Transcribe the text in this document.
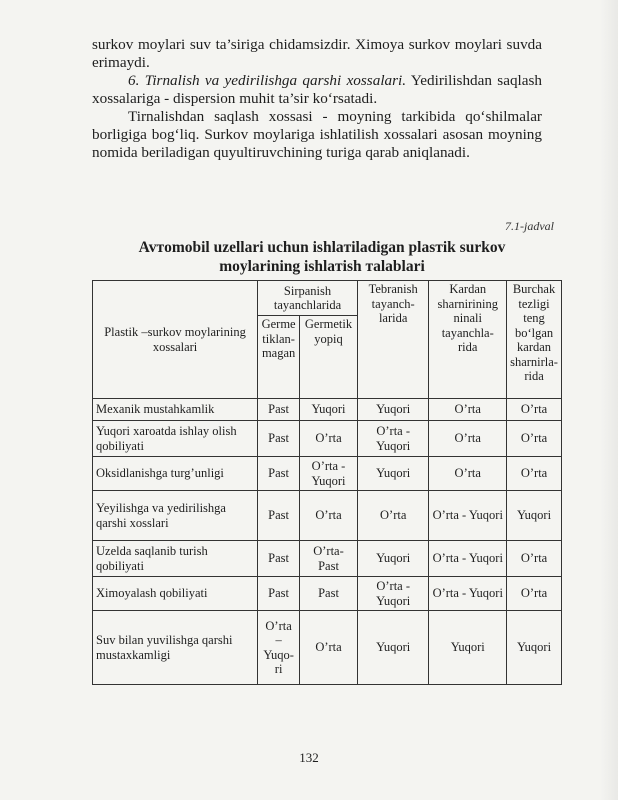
surkov moylari suv ta’siriga chidamsizdir. Ximoya surkov moylari suvda erimaydi.

6. Tirnalish va yedirilishga qarshi xossalari. Yedirilishdan saqlash xossalariga - dispersion muhit ta’sir ko‘rsatadi.

Tirnalishdan saqlash xossasi - moyning tarkibida qo‘shilmalar borligiga bog‘liq. Surkov moylariga ishlatilish xossalari asosan moyning nomida beriladigan quyultiruvchining turiga qarab aniqlanadi.

7.1-jadval
Avтomobil uzellari uchun ishlaтiladigan plasтik surkov
moylarining ishlaтish тalablari
Plastik –surkov moylarining xossalari	Sirpanish tayanchlarida		Tebranish tayanch-larida	Kardan sharnirining ninali tayanchla-rida	Burchak tezligi teng bo‘lgan kardan sharnirla-rida
	Germe tiklan-magan	Germetik yopiq			
Mexanik mustahkamlik	Past	Yuqori	Yuqori	O’rta	O’rta
Yuqori xaroatda ishlay olish qobiliyati	Past	O’rta	O’rta - Yuqori	O’rta	O’rta
Oksidlanishga turg’unligi	Past	O’rta - Yuqori	Yuqori	O’rta	O’rta
Yeyilishga va yedirilishga qarshi xosslari	Past	O’rta	O’rta	O’rta - Yuqori	Yuqori
Uzelda saqlanib turish qobiliyati	Past	O’rta-Past	Yuqori	O’rta - Yuqori	O’rta
Ximoyalash qobiliyati	Past	Past	O’rta - Yuqori	O’rta - Yuqori	O’rta
Suv bilan yuvilishga qarshi mustaxkamligi	O’rta – Yuqo-ri	O’rta	Yuqori	Yuqori	Yuqori
132
